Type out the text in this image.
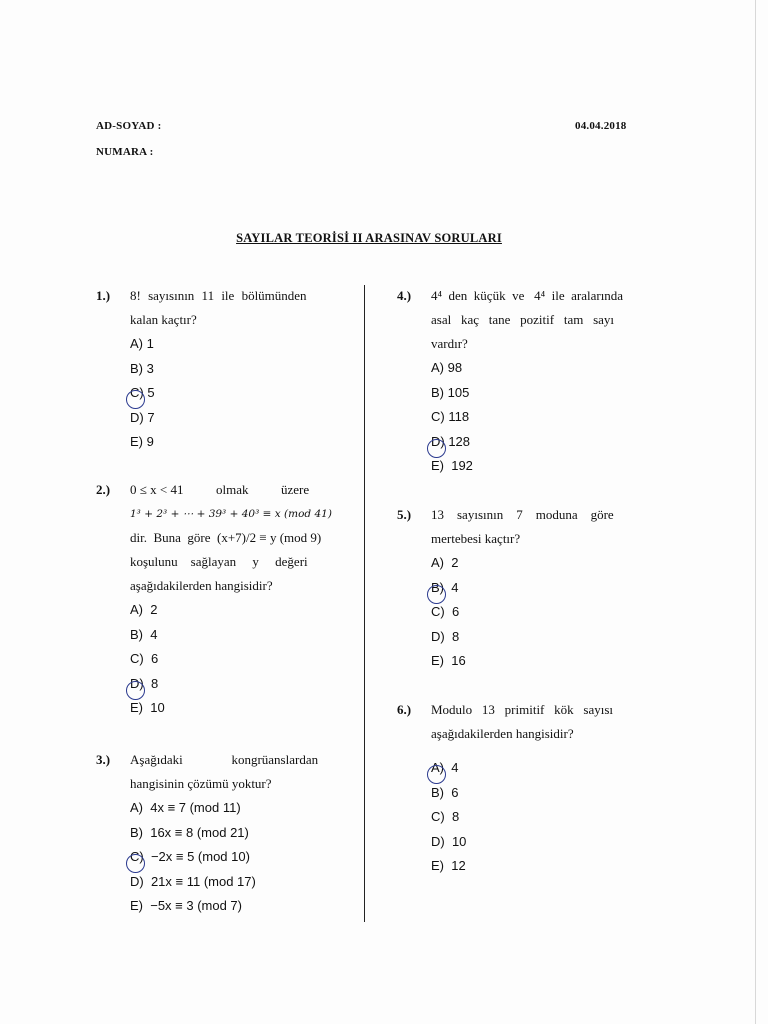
AD-SOYAD :
NUMARA :
04.04.2018
SAYILAR TEORİSİ II ARASINAV SORULARI
1.) 8! sayısının 11 ile bölümünden
kalan kaçtır?
A) 1
B) 3
C) 5
D) 7
E) 9
2.) 0 ≤ x < 41          olmak          üzere
1³ + 2³ + ⋯ + 39³ + 40³ ≡ x (mod 41)
dir.  Buna  göre  (x+7)/2 ≡ y (mod 9)
koşulunu    sağlayan     y     değeri
aşağıdakilerden hangisidir?
A)  2
B)  4
C)  6
D)  8
E)  10
3.) Aşağıdaki               kongrüanslardan
hangisinin çözümü yoktur?
A)  4x ≡ 7 (mod 11)
B)  16x ≡ 8 (mod 21)
C)  −2x ≡ 5 (mod 10)
D)  21x ≡ 11 (mod 17)
E)  −5x ≡ 3 (mod 7)
4.) 4⁴  den  küçük  ve   4⁴  ile  aralarında
asal   kaç   tane   pozitif   tam   sayı
vardır?
A) 98
B) 105
C) 118
D) 128
E)  192
5.) 13    sayısının    7    moduna    göre
mertebesi kaçtır?
A)  2
B)  4
C)  6
D)  8
E)  16
6.) Modulo   13   primitif   kök   sayısı
aşağıdakilerden hangisidir?
A)  4
B)  6
C)  8
D)  10
E)  12
